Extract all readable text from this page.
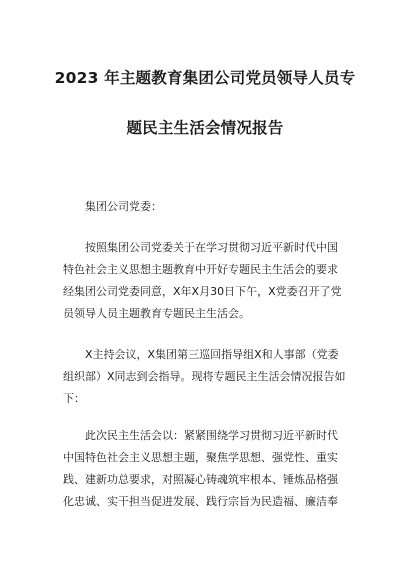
2023 年主题教育集团公司党员领导人员专
题民主生活会情况报告
集团公司党委：
按照集团公司党委关于在学习贯彻习近平新时代中国
特色社会主义思想主题教育中开好专题民主生活会的要求
经集团公司党委同意，X年X月30日下午，X党委召开了党
员领导人员主题教育专题民主生活会。
X主持会议，X集团第三巡回指导组X和人事部（党委
组织部）X同志到会指导。现将专题民主生活会情况报告如
下：
此次民主生活会以：紧紧围绕学习贯彻习近平新时代
中国特色社会主义思想主题，聚焦学思想、强党性、重实
践、建新功总要求，对照凝心铸魂筑牢根本、锤炼品格强
化忠诚、实干担当促进发展、践行宗旨为民造福、廉洁奉
